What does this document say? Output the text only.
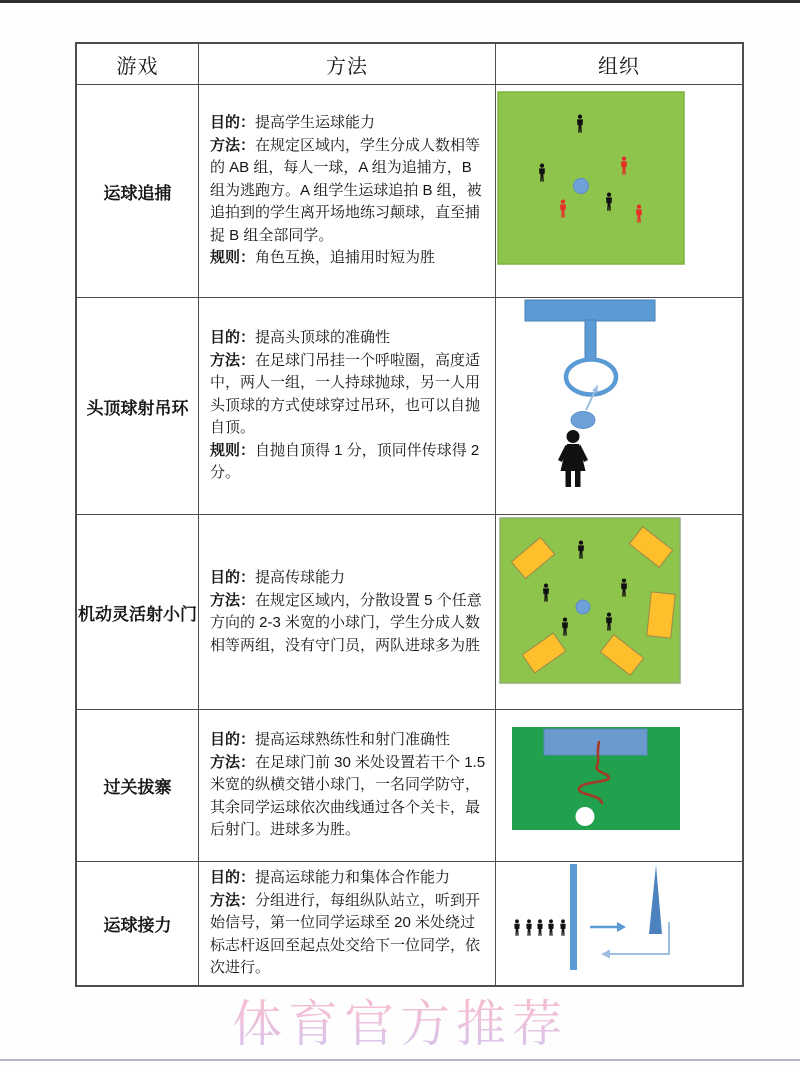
游戏	方法	组织
运球追捕
目的：提高学生运球能力
方法：在规定区域内，学生分成人数相等的 AB 组，每人一球，A 组为追捕方，B 组为逃跑方。A 组学生运球追拍 B 组，被追拍到的学生离开场地练习颠球，直至捕捉 B 组全部同学。
规则：角色互换，追捕用时短为胜
头顶球射吊环
目的：提高头顶球的准确性
方法：在足球门吊挂一个呼啦圈，高度适中，两人一组，一人持球抛球，另一人用头顶球的方式使球穿过吊环，也可以自抛自顶。
规则：自抛自顶得 1 分，顶同伴传球得 2 分。
机动灵活射小门
目的：提高传球能力
方法：在规定区域内，分散设置 5 个任意方向的 2-3 米宽的小球门，学生分成人数相等两组，没有守门员，两队进球多为胜
过关拔寨
目的：提高运球熟练性和射门准确性
方法：在足球门前 30 米处设置若干个 1.5 米宽的纵横交错小球门，一名同学防守，其余同学运球依次曲线通过各个关卡，最后射门。进球多为胜。
运球接力
目的：提高运球能力和集体合作能力
方法：分组进行，每组纵队站立，听到开始信号，第一位同学运球至 20 米处绕过标志杆返回至起点处交给下一位同学，依次进行。
体育官方推荐
